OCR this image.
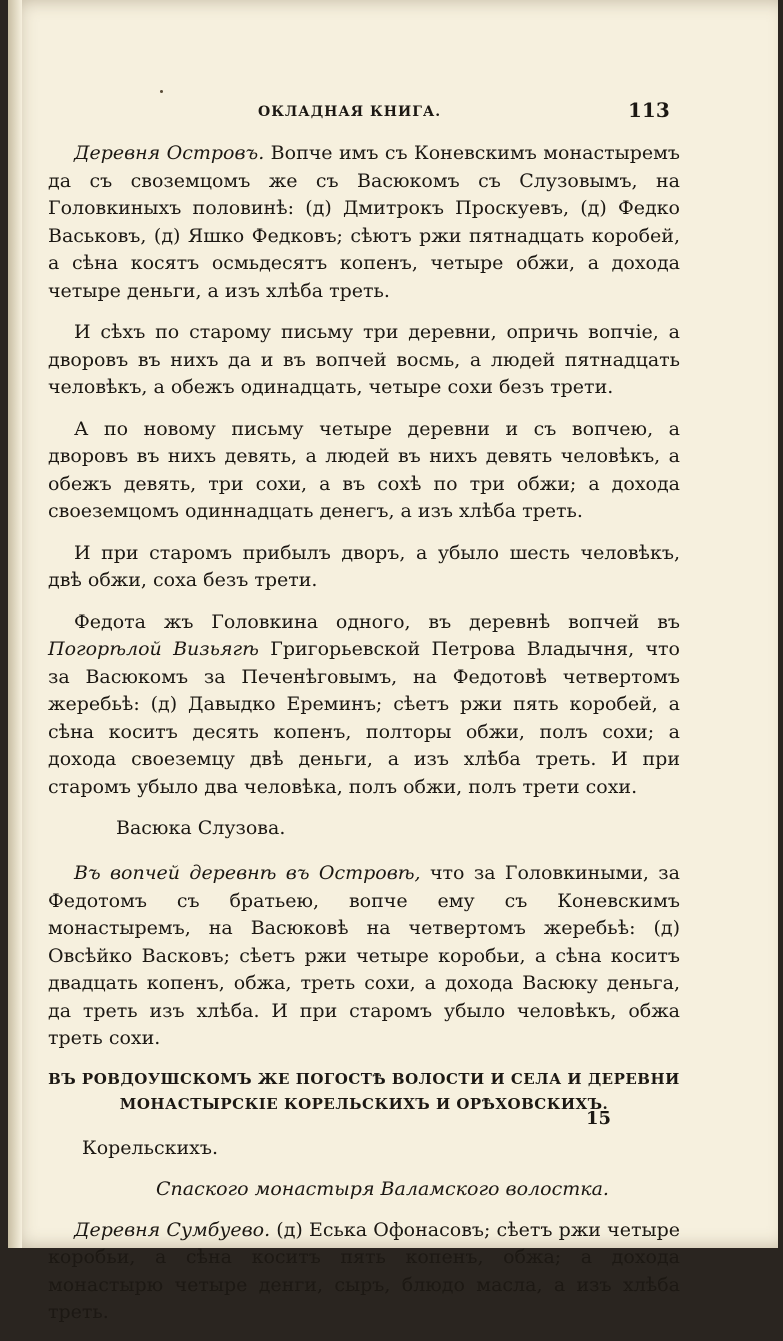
ОКЛАДНАЯ КНИГА.	113

Деревня Островъ. Вопче имъ съ Коневскимъ монастыремъ да съ своземцомъ же съ Васюкомъ съ Слузовымъ, на Головкиныхъ половинѣ: (д) Дмитрокъ Проскуевъ, (д) Федко Васьковъ, (д) Яшко Федковъ; сѣютъ ржи пятнадцать коробей, а сѣна косятъ осмьдесятъ копенъ, четыре обжи, а дохода четыре деньги, а изъ хлѣба треть.

И сѣхъ по старому письму три деревни, опричь вопчіе, а дворовъ въ нихъ да и въ вопчей восмь, а людей пятнадцать человѣкъ, а обежъ одинадцать, четыре сохи безъ трети.

А по новому письму четыре деревни и съ вопчею, а дворовъ въ нихъ девять, а людей въ нихъ девять человѣкъ, а обежъ девять, три сохи, а въ сохѣ по три обжи; а дохода своеземцомъ одиннадцать денегъ, а изъ хлѣба треть.

И при старомъ прибылъ дворъ, а убыло шесть человѣкъ, двѣ обжи, соха безъ трети.

Федота жъ Головкина одного, въ деревнѣ вопчей въ Погорѣлой Визьягѣ Григорьевской Петрова Владычня, что за Васюкомъ за Печенѣговымъ, на Федотовѣ четвертомъ жеребьѣ: (д) Давыдко Ереминъ; сѣетъ ржи пять коробей, а сѣна коситъ десять копенъ, полторы обжи, полъ сохи; а дохода своеземцу двѣ деньги, а изъ хлѣба треть. И при старомъ убыло два человѣка, полъ обжи, полъ трети сохи.

Васюка Слузова.

Въ вопчей деревнѣ въ Островѣ, что за Головкиными, за Федотомъ съ братьею, вопче ему съ Коневскимъ монастыремъ, на Васюковѣ на четвертомъ жеребьѣ: (д) Овсѣйко Васковъ; сѣетъ ржи четыре коробьи, а сѣна коситъ двадцать копенъ, обжа, треть сохи, а дохода Васюку деньга, да треть изъ хлѣба. И при старомъ убыло человѣкъ, обжа треть сохи.

ВЪ РОВДОУШСКОМЪ ЖЕ ПОГОСТѢ ВОЛОСТИ И СЕЛА И ДЕРЕВНИ
МОНАСТЫРСКІЕ КОРЕЛЬСКИХЪ И ОРѢХОВСКИХЪ.

Корельскихъ.

Спаского монастыря Валамского волостка.

Деревня Сумбуево. (д) Еська Офонасовъ; сѣетъ ржи четыре коробьи, а сѣна коситъ пять копенъ, обжа; а дохода монастырю четыре денги, сыръ, блюдо масла, а изъ хлѣба треть.

15
